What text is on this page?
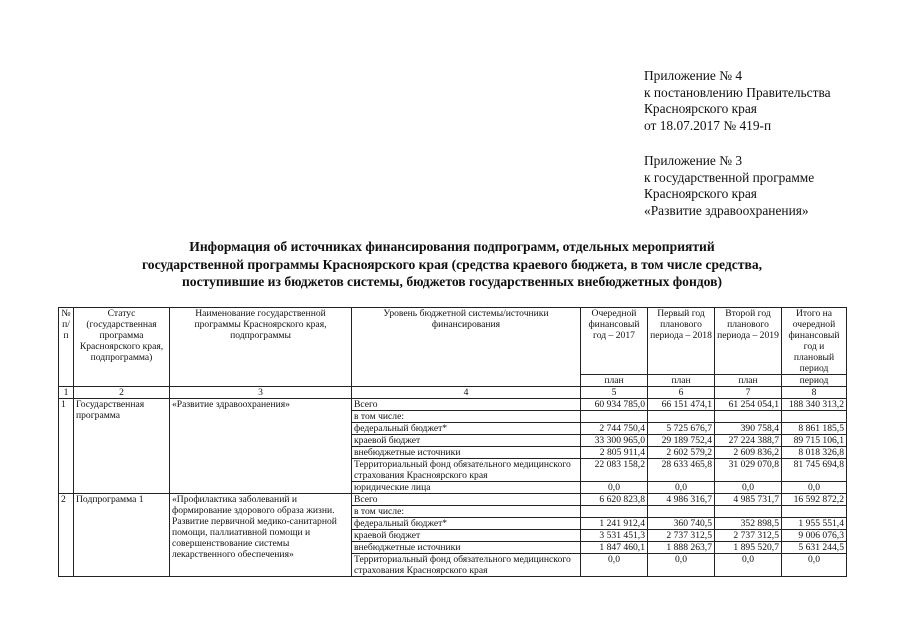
Приложение № 4
к постановлению Правительства
Красноярского края
от 18.07.2017 № 419-п
Приложение № 3
к государственной программе
Красноярского края
«Развитие здравоохранения»
Информация об источниках финансирования подпрограмм, отдельных мероприятий
государственной программы Красноярского края (средства краевого бюджета, в том числе средства,
поступившие из бюджетов системы, бюджетов государственных внебюджетных фондов)
№ п/п	Статус (государственная программа Красноярского края, подпрограмма)	Наименование государственной программы Красноярского края, подпрограммы	Уровень бюджетной системы/источники финансирования	Очередной финансовый год – 2017	Первый год планового периода – 2018	Второй год планового периода – 2019	Итого на очередной финансовый год и плановый период
				план	план	план	период
1	2	3	4	5	6	7	8
1	Государственная программа	«Развитие здравоохранения»	Всего	60 934 785,0	66 151 474,1	61 254 054,1	188 340 313,2
			в том числе:				
			федеральный бюджет*	2 744 750,4	5 725 676,7	390 758,4	8 861 185,5
			краевой бюджет	33 300 965,0	29 189 752,4	27 224 388,7	89 715 106,1
			внебюджетные источники	2 805 911,4	2 602 579,2	2 609 836,2	8 018 326,8
			Территориальный фонд обязательного медицинского страхования Красноярского края	22 083 158,2	28 633 465,8	31 029 070,8	81 745 694,8
			юридические лица	0,0	0,0	0,0	0,0
2	Подпрограмма 1	«Профилактика заболеваний и формирование здорового образа жизни. Развитие первичной медико-санитарной помощи, паллиативной помощи и совершенствование системы лекарственного обеспечения»	Всего	6 620 823,8	4 986 316,7	4 985 731,7	16 592 872,2
			в том числе:				
			федеральный бюджет*	1 241 912,4	360 740,5	352 898,5	1 955 551,4
			краевой бюджет	3 531 451,3	2 737 312,5	2 737 312,5	9 006 076,3
			внебюджетные источники	1 847 460,1	1 888 263,7	1 895 520,7	5 631 244,5
			Территориальный фонд обязательного медицинского страхования Красноярского края	0,0	0,0	0,0	0,0
